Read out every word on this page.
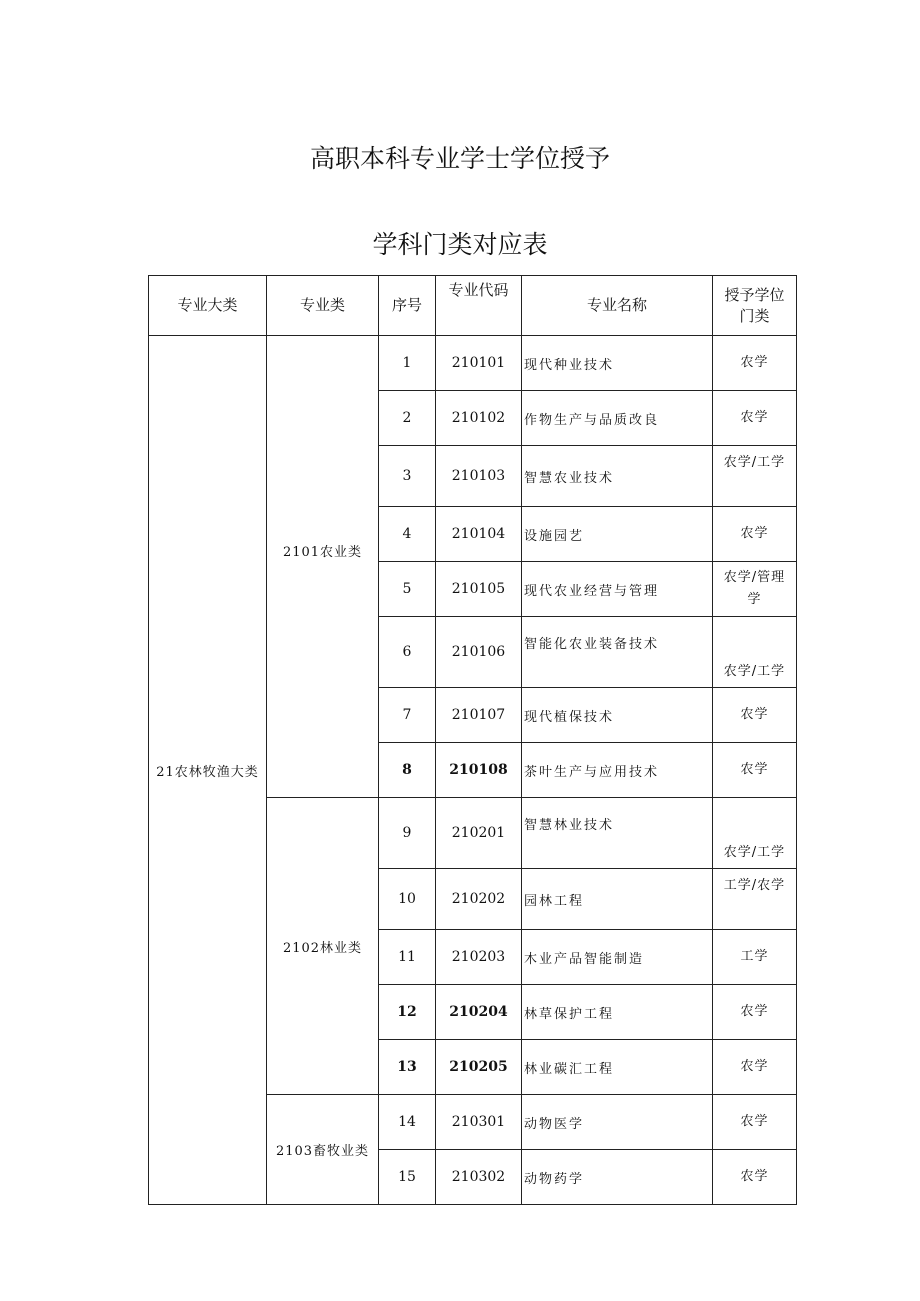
高职本科专业学士学位授予
学科门类对应表
专业大类	专业类	序号	专业代码	专业名称	授予学位
门类

21农林牧渔大类	2101农业类	1	210101	现代种业技术	农学
		2	210102	作物生产与品质改良	农学
		3	210103	智慧农业技术	农学/工学
		4	210104	设施园艺	农学
		5	210105	现代农业经营与管理	农学/管理
学

		6	210106	智能化农业装备技术	农学/工学
		7	210107	现代植保技术	农学
		8	210108	茶叶生产与应用技术	农学
	2102林业类	9	210201	智慧林业技术	农学/工学
		10	210202	园林工程	工学/农学
		11	210203	木业产品智能制造	工学
		12	210204	林草保护工程	农学
		13	210205	林业碳汇工程	农学
	2103畜牧业类	14	210301	动物医学	农学
		15	210302	动物药学	农学
